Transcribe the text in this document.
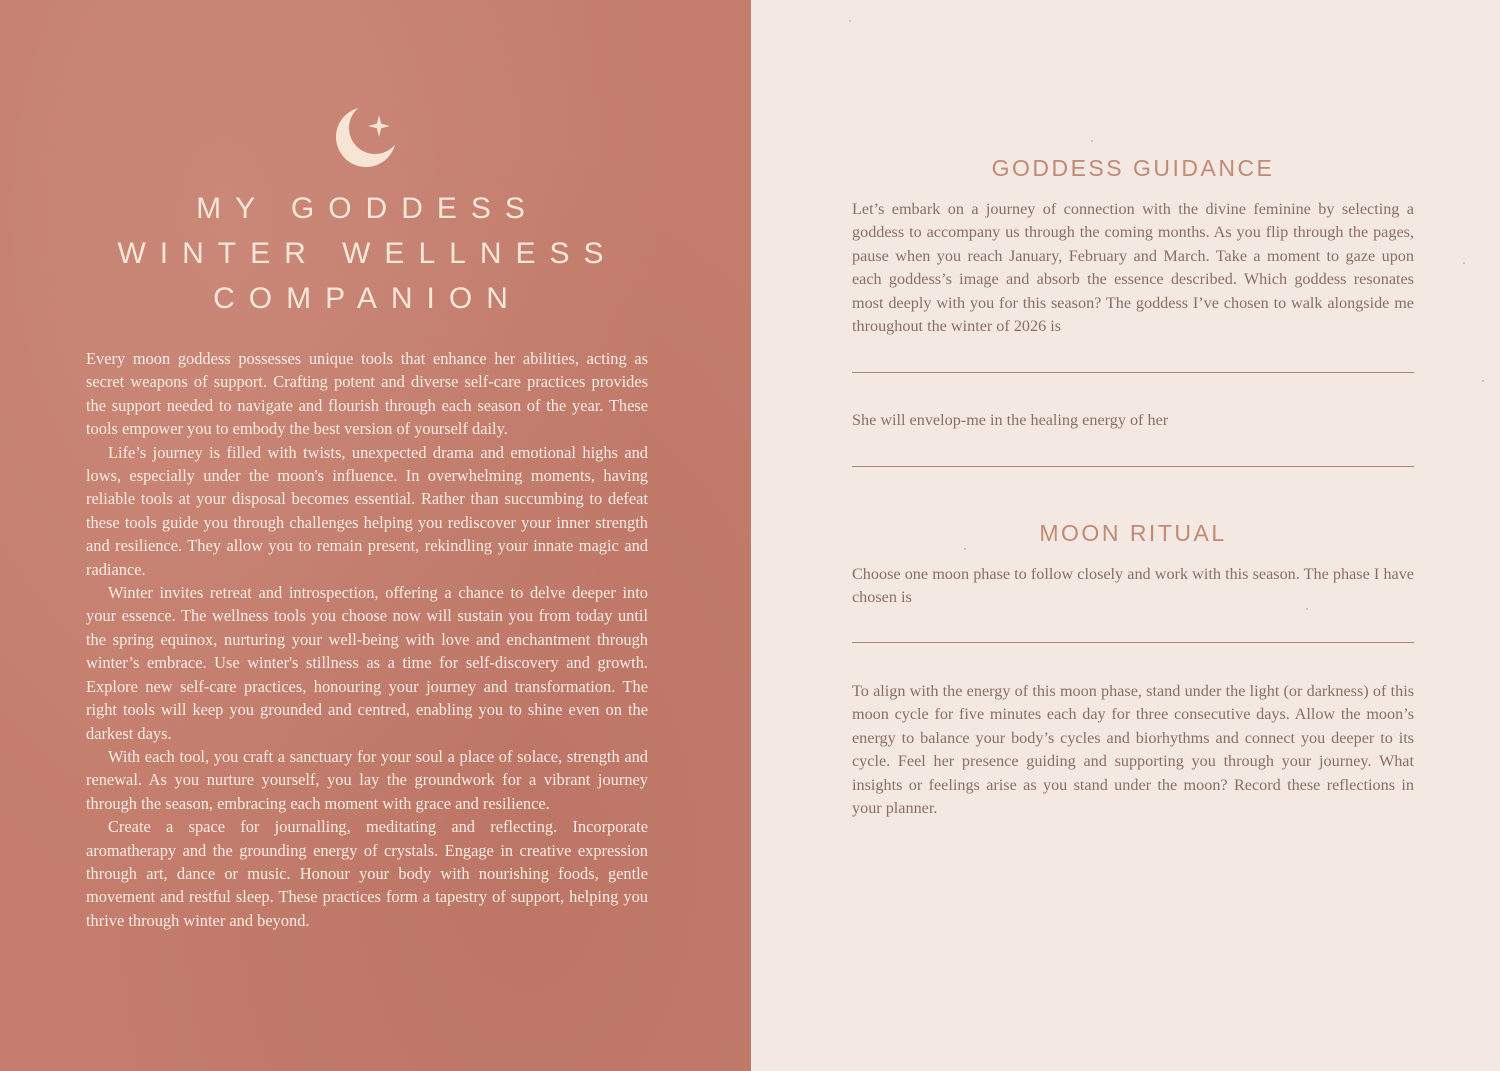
MY GODDESS
WINTER WELLNESS
COMPANION

Every moon goddess possesses unique tools that enhance her abilities, acting as secret weapons of support. Crafting potent and diverse self-care practices provides the support needed to navigate and flourish through each season of the year. These tools empower you to embody the best version of yourself daily.

Life’s journey is filled with twists, unexpected drama and emotional highs and lows, especially under the moon's influence. In overwhelming moments, having reliable tools at your disposal becomes essential. Rather than succumbing to defeat these tools guide you through challenges helping you rediscover your inner strength and resilience. They allow you to remain present, rekindling your innate magic and radiance.

Winter invites retreat and introspection, offering a chance to delve deeper into your essence. The wellness tools you choose now will sustain you from today until the spring equinox, nurturing your well-being with love and enchantment through winter’s embrace. Use winter's stillness as a time for self-discovery and growth. Explore new self-care practices, honouring your journey and transformation. The right tools will keep you grounded and centred, enabling you to shine even on the darkest days.

With each tool, you craft a sanctuary for your soul a place of solace, strength and renewal. As you nurture yourself, you lay the groundwork for a vibrant journey through the season, embracing each moment with grace and resilience.

Create a space for journalling, meditating and reflecting. Incorporate aromatherapy and the grounding energy of crystals. Engage in creative expression through art, dance or music. Honour your body with nourishing foods, gentle movement and restful sleep. These practices form a tapestry of support, helping you thrive through winter and beyond.

GODDESS GUIDANCE

Let’s embark on a journey of connection with the divine feminine by selecting a goddess to accompany us through the coming months. As you flip through the pages, pause when you reach January, February and March. Take a moment to gaze upon each goddess’s image and absorb the essence described. Which goddess resonates most deeply with you for this season? The goddess I’ve chosen to walk alongside me throughout the winter of 2026 is

She will envelop-me in the healing energy of her

MOON RITUAL

Choose one moon phase to follow closely and work with this season. The phase I have chosen is

To align with the energy of this moon phase, stand under the light (or darkness) of this moon cycle for five minutes each day for three consecutive days. Allow the moon’s energy to balance your body’s cycles and biorhythms and connect you deeper to its cycle. Feel her presence guiding and supporting you through your journey. What insights or feelings arise as you stand under the moon? Record these reflections in your planner.
